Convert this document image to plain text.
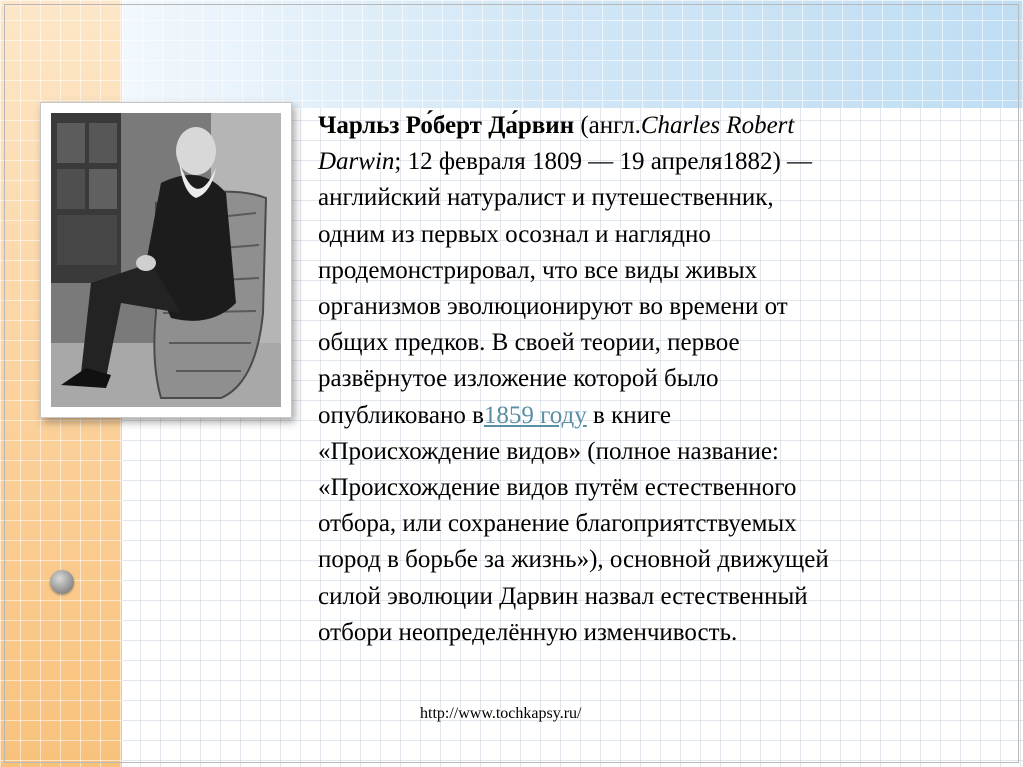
Чарльз Ро́берт Да́рвин (англ.Charles Robert
Darwin; 12 февраля 1809 — 19 апреля1882) —
английский натуралист и путешественник,
одним из первых осознал и наглядно
продемонстрировал, что все виды живых
организмов эволюционируют во времени от
общих предков. В своей теории, первое
развёрнутое изложение которой было
опубликовано в1859 году в книге
«Происхождение видов» (полное название:
«Происхождение видов путём естественного
отбора, или сохранение благоприятствуемых
пород в борьбе за жизнь»), основной движущей
силой эволюции Дарвин назвал естественный
отбори неопределённую изменчивость.
http://www.tochkapsy.ru/
